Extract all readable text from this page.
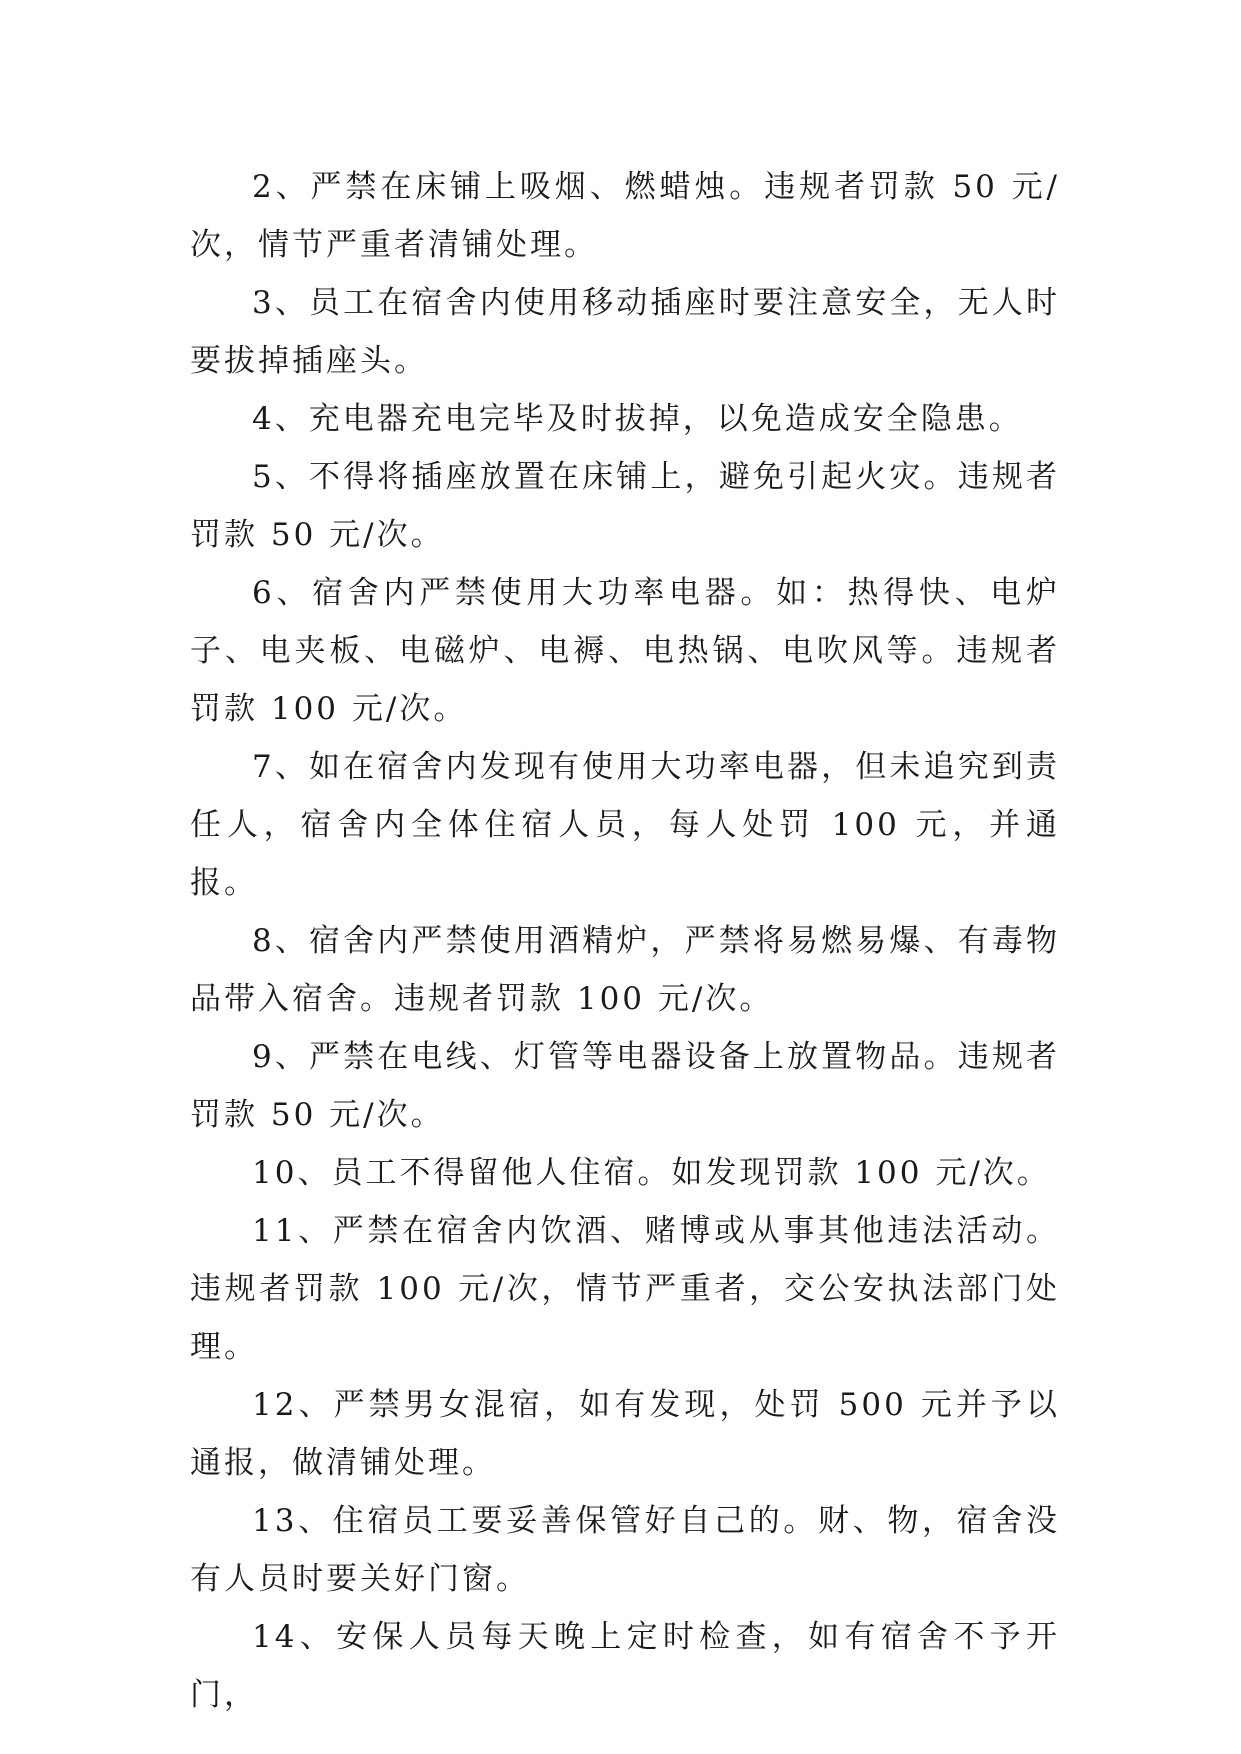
2、严禁在床铺上吸烟、燃蜡烛。违规者罚款 50 元/次，情节严重者清铺处理。

3、员工在宿舍内使用移动插座时要注意安全，无人时要拔掉插座头。

4、充电器充电完毕及时拔掉，以免造成安全隐患。

5、不得将插座放置在床铺上，避免引起火灾。违规者罚款 50 元/次。

6、宿舍内严禁使用大功率电器。如：热得快、电炉子、电夹板、电磁炉、电褥、电热锅、电吹风等。违规者罚款 100 元/次。

7、如在宿舍内发现有使用大功率电器，但未追究到责任人，宿舍内全体住宿人员，每人处罚 100 元，并通报。

8、宿舍内严禁使用酒精炉，严禁将易燃易爆、有毒物品带入宿舍。违规者罚款 100 元/次。

9、严禁在电线、灯管等电器设备上放置物品。违规者罚款 50 元/次。

10、员工不得留他人住宿。如发现罚款 100 元/次。

11、严禁在宿舍内饮酒、赌博或从事其他违法活动。违规者罚款 100 元/次，情节严重者，交公安执法部门处理。

12、严禁男女混宿，如有发现，处罚 500 元并予以通报，做清铺处理。

13、住宿员工要妥善保管好自己的。财、物，宿舍没有人员时要关好门窗。

14、安保人员每天晚上定时检查，如有宿舍不予开门，
